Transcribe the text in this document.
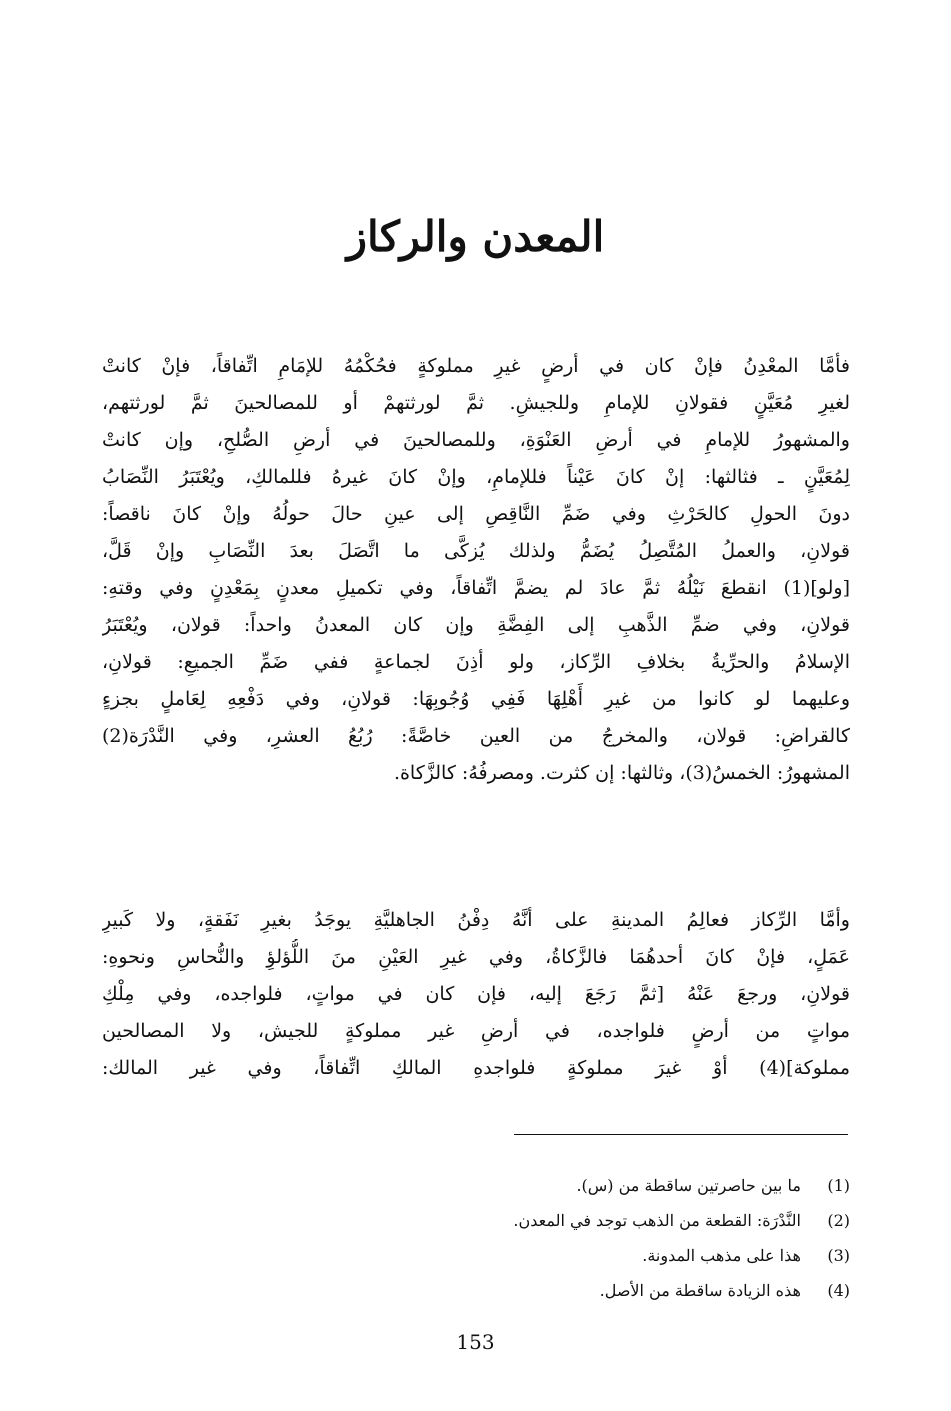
المعدن والركاز
فأمَّا المعْدِنُ فإنْ كان في أرضٍ غيرِ مملوكةٍ فحُكْمُهُ للإمَامِ اتِّفاقاً، فإنْ كانتْ
لغيرِ مُعَيَّنٍ فقولانِ للإمامِ وللجيشِ. ثمَّ لورثتهمْ أو للمصالحينَ ثمَّ لورثتهم،
والمشهورُ للإمامِ في أرضِ العَنْوَةِ، وللمصالحينَ في أرضِ الصُّلحِ، وإن كانتْ
لِمُعَيَّنٍ ـ فثالثها: إنْ كانَ عَيْناً فللإمامِ، وإنْ كانَ غيرهُ فللمالكِ، ويُعْتَبَرُ النِّصَابُ
دونَ الحولِ كالحَرْثِ وفي ضَمِّ النَّاقِصِ إلى عينِ حالَ حولُهُ وإنْ كانَ ناقصاً:
قولانِ، والعملُ المُتَّصِلُ يُضَمُّ ولذلك يُزكَّى ما اتَّصَلَ بعدَ النِّصَابِ وإنْ قَلَّ،
[ولو](1) انقطعَ نَيْلُهُ ثمَّ عادَ لم يضمَّ اتِّفاقاً، وفي تكميلِ معدنٍ بِمَعْدِنٍ وفي وقتهِ:
قولانِ، وفي ضمِّ الذَّهبِ إلى الفِضَّةِ وإن كان المعدنُ واحداً: قولان، ويُعْتَبَرُ
الإسلامُ والحرِّيةُ بخلافِ الرِّكاز، ولو أذِنَ لجماعةٍ ففي ضَمِّ الجميعِ: قولانِ،
وعليهما لو كانوا من غيرِ أَهْلِهَا فَفِي وُجُوبِهَا: قولانِ، وفي دَفْعِهِ لِعَاملٍ بجزءٍ
كالقراضِ: قولان، والمخرجُ من العين خاصَّةً: رُبُعُ العشرِ، وفي النَّدْرَة(2)
المشهورُ: الخمسُ(3)، وثالثها: إن كثرت. ومصرفُهُ: كالزَّكاة.
وأمَّا الرِّكاز فعالِمُ المدينةِ على أنَّهُ دِفْنُ الجاهليَّةِ يوجَدُ بغيرِ نَفَقةٍ، ولا كَبيرِ
عَمَلٍ، فإنْ كانَ أحدهُمَا فالزَّكاةُ، وفي غيرِ العَيْنِ منَ اللُّؤلؤِ والنُّحاسِ ونحوهِ:
قولانِ، ورجعَ عَنْهُ [ثمَّ رَجَعَ إليه، فإن كان في مواتٍ، فلواجده، وفي مِلْكِ
مواتٍ من أرضٍ فلواجده، في أرضِ غير مملوكةٍ للجيش، ولا المصالحين
مملوكة](4) أوْ غيرَ مملوكةٍ فلواجدهِ المالكِ اتِّفاقاً، وفي غير المالك:
(1) ما بين حاصرتين ساقطة من (س).
(2) النَّدْرَة: القطعة من الذهب توجد في المعدن.
(3) هذا على مذهب المدونة.
(4) هذه الزيادة ساقطة من الأصل.
153
